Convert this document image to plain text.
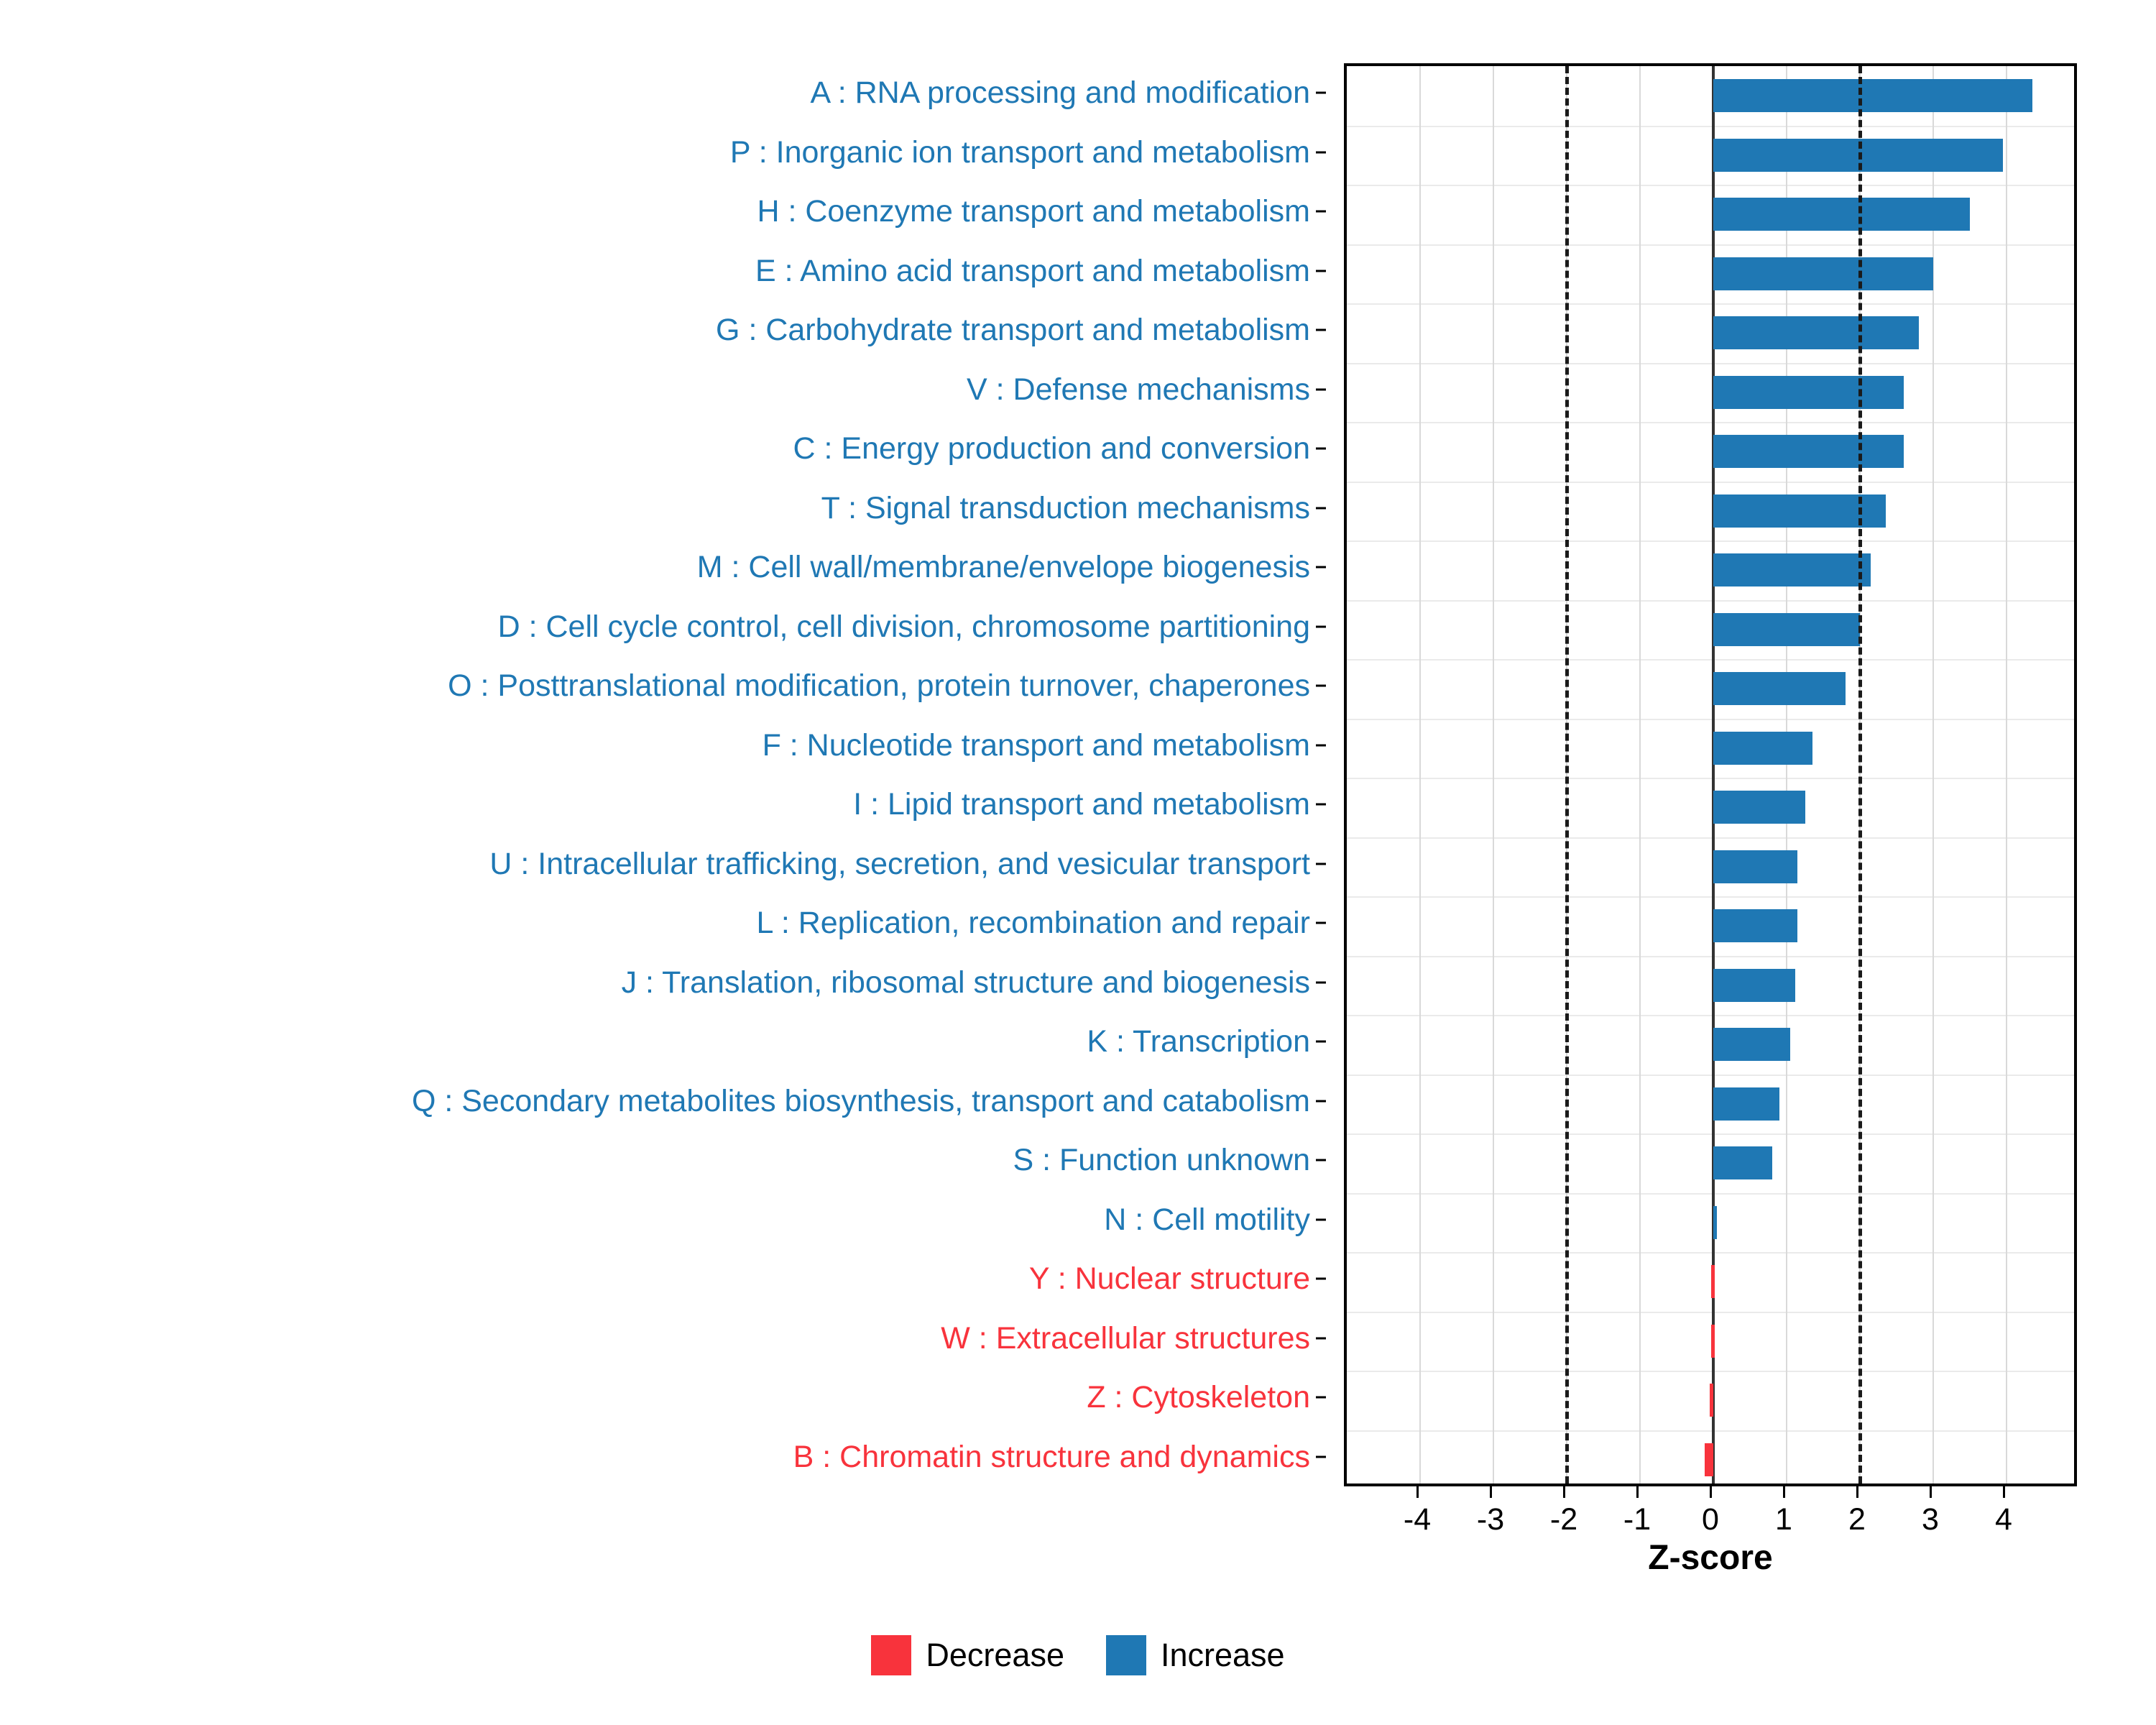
A : RNA processing and modification
P : Inorganic ion transport and metabolism
H : Coenzyme transport and metabolism
E : Amino acid transport and metabolism
G : Carbohydrate transport and metabolism
V : Defense mechanisms
C : Energy production and conversion
T : Signal transduction mechanisms
M : Cell wall/membrane/envelope biogenesis
D : Cell cycle control, cell division, chromosome partitioning
O : Posttranslational modification, protein turnover, chaperones
F : Nucleotide transport and metabolism
I : Lipid transport and metabolism
U : Intracellular trafficking, secretion, and vesicular transport
L : Replication, recombination and repair
J : Translation, ribosomal structure and biogenesis
K : Transcription
Q : Secondary metabolites biosynthesis, transport and catabolism
S : Function unknown
N : Cell motility
Y : Nuclear structure
W : Extracellular structures
Z : Cytoskeleton
B : Chromatin structure and dynamics
-4 -3 -2 -1 0 1 2 3 4
Z-score
Decrease	Increase
